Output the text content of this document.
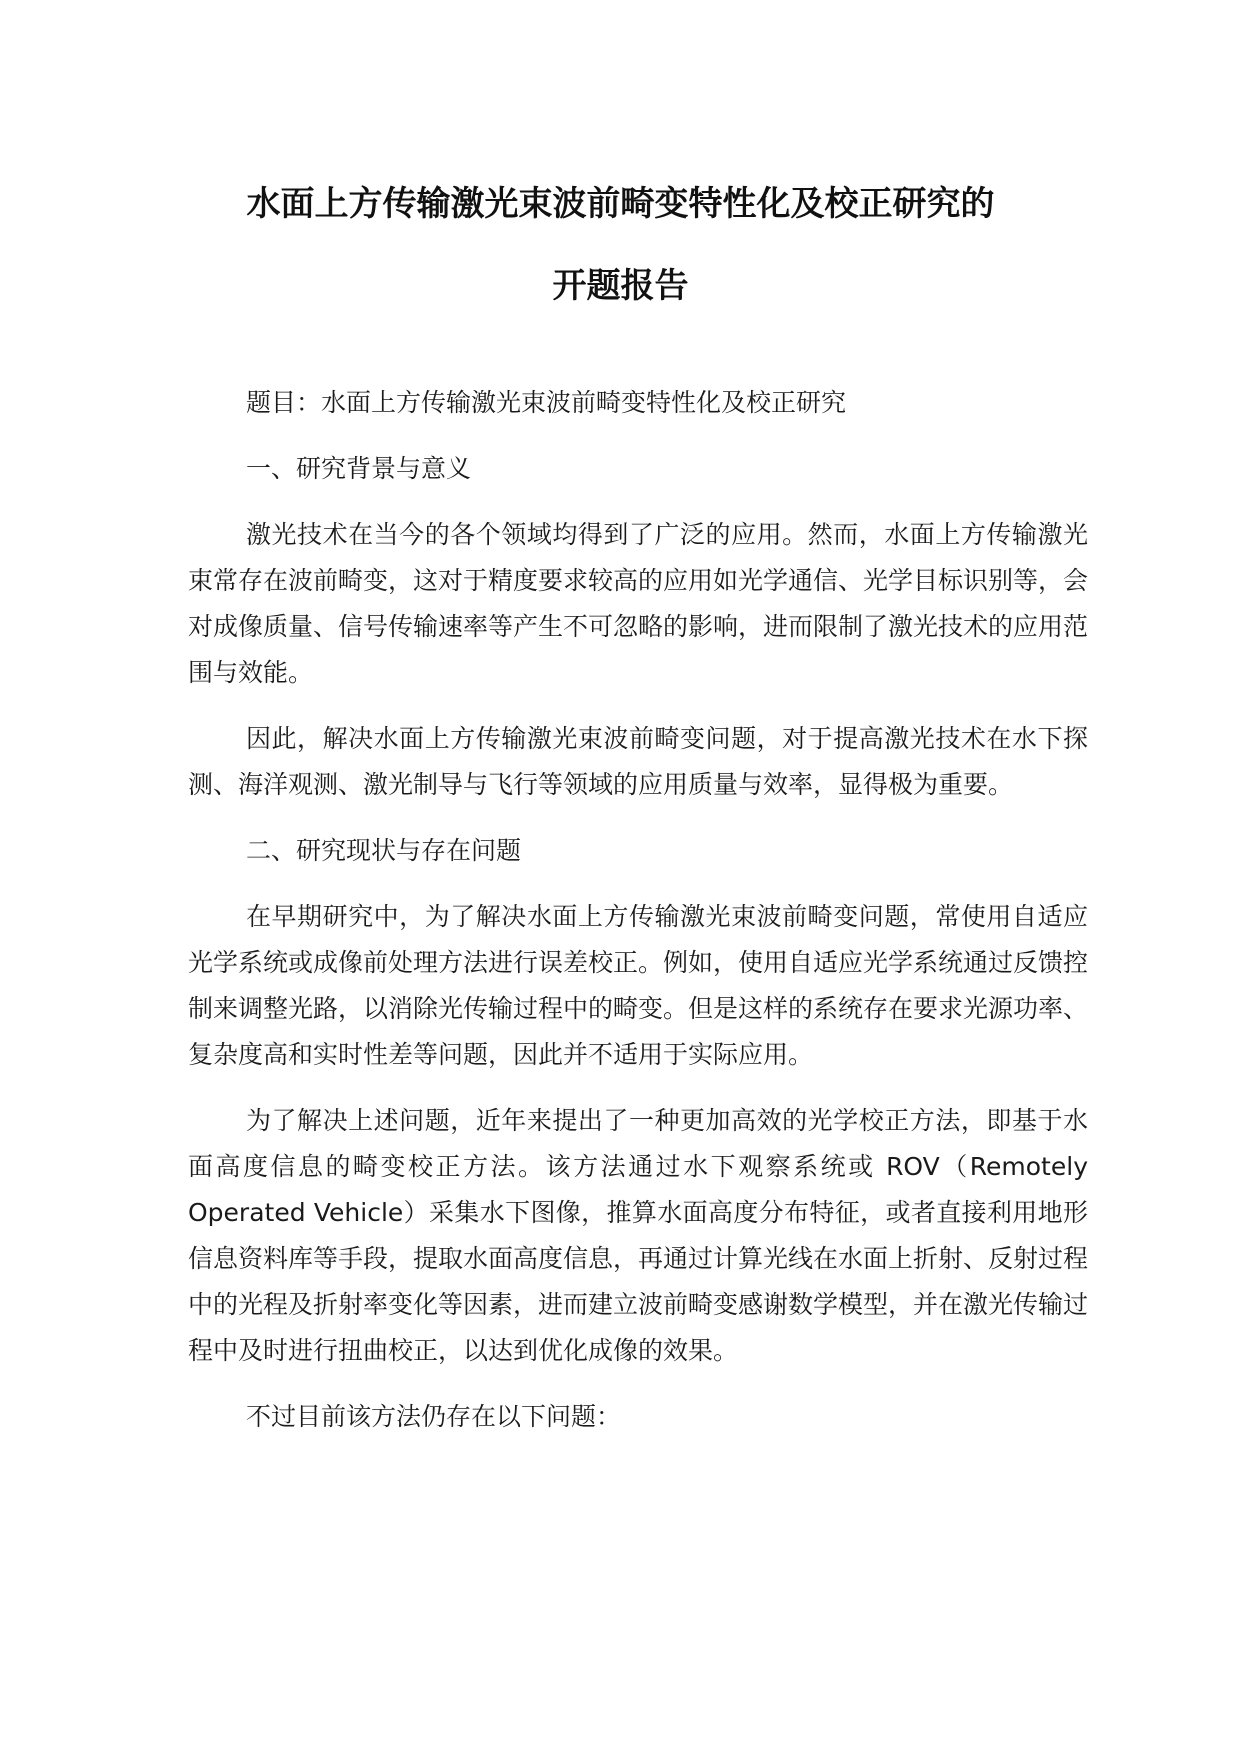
水面上方传输激光束波前畸变特性化及校正研究的
开题报告

题目：水面上方传输激光束波前畸变特性化及校正研究

一、研究背景与意义

激光技术在当今的各个领域均得到了广泛的应用。然而，水面上方传输激光束常存在波前畸变，这对于精度要求较高的应用如光学通信、光学目标识别等，会对成像质量、信号传输速率等产生不可忽略的影响，进而限制了激光技术的应用范围与效能。

因此，解决水面上方传输激光束波前畸变问题，对于提高激光技术在水下探测、海洋观测、激光制导与飞行等领域的应用质量与效率，显得极为重要。

二、研究现状与存在问题

在早期研究中，为了解决水面上方传输激光束波前畸变问题，常使用自适应光学系统或成像前处理方法进行误差校正。例如，使用自适应光学系统通过反馈控制来调整光路，以消除光传输过程中的畸变。但是这样的系统存在要求光源功率、复杂度高和实时性差等问题，因此并不适用于实际应用。

为了解决上述问题，近年来提出了一种更加高效的光学校正方法，即基于水面高度信息的畸变校正方法。该方法通过水下观察系统或 ROV（Remotely Operated Vehicle）采集水下图像，推算水面高度分布特征，或者直接利用地形信息资料库等手段，提取水面高度信息，再通过计算光线在水面上折射、反射过程中的光程及折射率变化等因素，进而建立波前畸变感谢数学模型，并在激光传输过程中及时进行扭曲校正，以达到优化成像的效果。

不过目前该方法仍存在以下问题：
